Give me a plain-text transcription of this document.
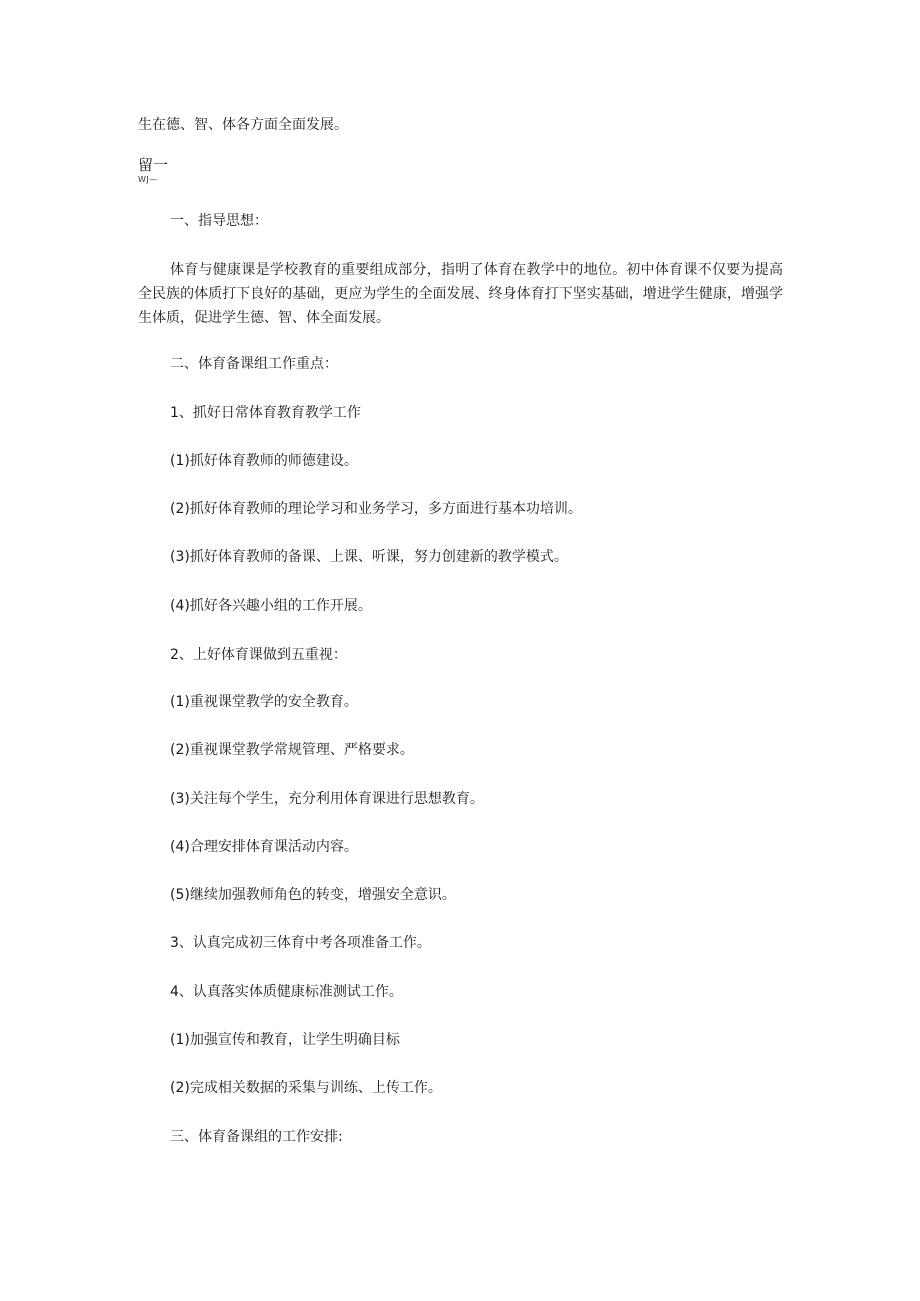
生在德、智、体各方面全面发展。
留一
WJ—
一、指导思想：
体育与健康课是学校教育的重要组成部分，指明了体育在教学中的地位。初中体育课不仅要为提高全民族的体质打下良好的基础，更应为学生的全面发展、终身体育打下坚实基础，增进学生健康，增强学生体质，促进学生德、智、体全面发展。
二、体育备课组工作重点：
1、抓好日常体育教育教学工作
(1)抓好体育教师的师德建设。
(2)抓好体育教师的理论学习和业务学习，多方面进行基本功培训。
(3)抓好体育教师的备课、上课、听课，努力创建新的教学模式。
(4)抓好各兴趣小组的工作开展。
2、上好体育课做到五重视：
(1)重视课堂教学的安全教育。
(2)重视课堂教学常规管理、严格要求。
(3)关注每个学生，充分利用体育课进行思想教育。
(4)合理安排体育课活动内容。
(5)继续加强教师角色的转变，增强安全意识。
3、认真完成初三体育中考各项准备工作。
4、认真落实体质健康标准测试工作。
(1)加强宣传和教育，让学生明确目标
(2)完成相关数据的采集与训练、上传工作。
三、体育备课组的工作安排:
